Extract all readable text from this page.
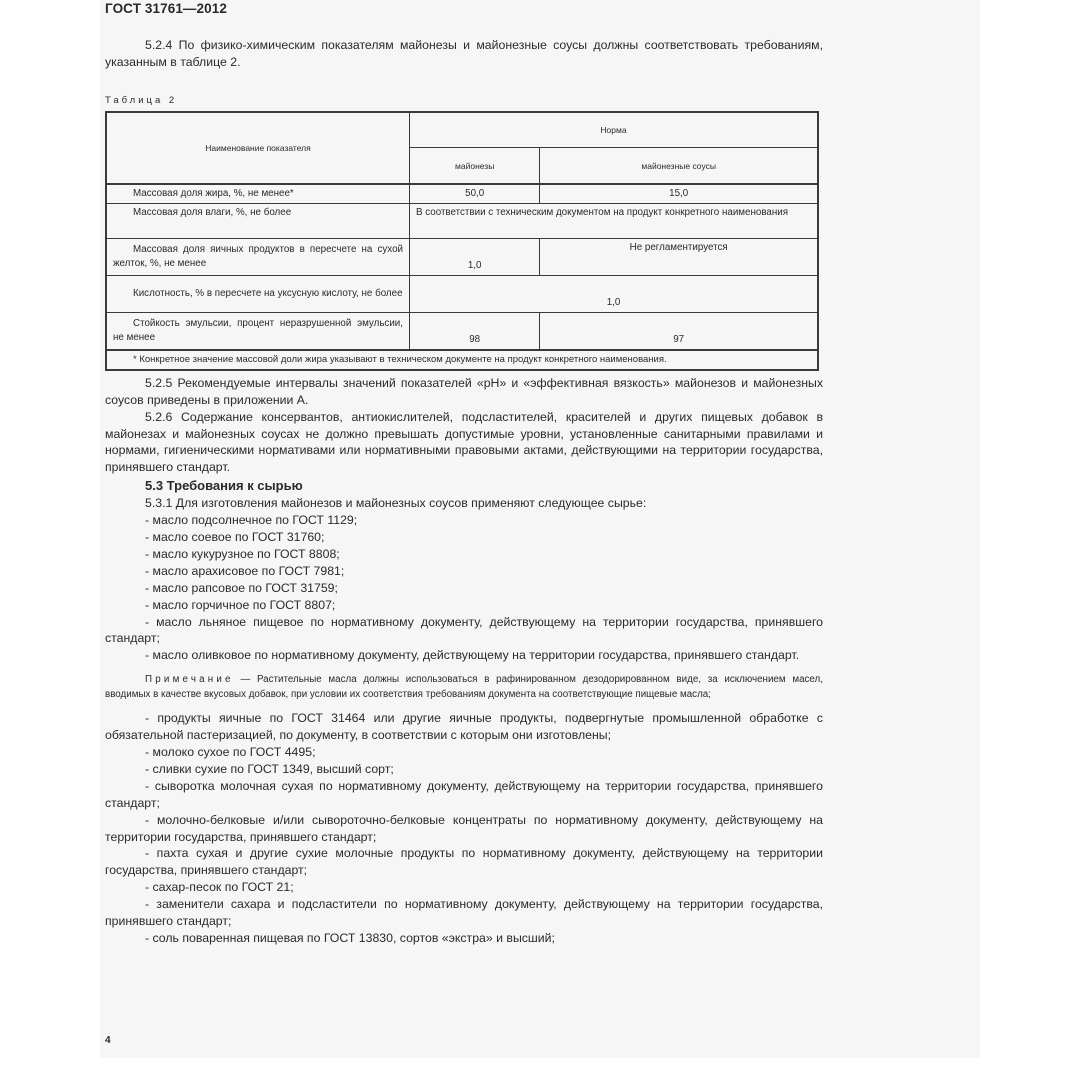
ГОСТ 31761—2012

5.2.4 По физико-химическим показателям майонезы и майонезные соусы должны соответствовать требованиям, указанным в таблице 2.

Таблица 2
Наименование показателя	Норма	
	майонезы	майонезные соусы
Массовая доля жира, %, не менее*	50,0	15,0
Массовая доля влаги, %, не более	В соответствии с техническим документом на продукт конкретного наименования	
Массовая доля яичных продуктов в пересчете на сухой желток, %, не менее	1,0	Не регламентируется
Кислотность, % в пересчете на уксусную кислоту, не более	1,0	
Стойкость эмульсии, процент неразрушенной эмульсии, не менее	98	97
* Конкретное значение массовой доли жира указывают в техническом документе на продукт конкретного наименования.		

5.2.5 Рекомендуемые интервалы значений показателей «pH» и «эффективная вязкость» майонезов и майонезных соусов приведены в приложении А.

5.2.6 Содержание консервантов, антиокислителей, подсластителей, красителей и других пищевых добавок в майонезах и майонезных соусах не должно превышать допустимые уровни, установленные санитарными правилами и нормами, гигиеническими нормативами или нормативными правовыми актами, действующими на территории государства, принявшего стандарт.

5.3 Требования к сырью

5.3.1 Для изготовления майонезов и майонезных соусов применяют следующее сырье:

- масло подсолнечное по ГОСТ 1129;

- масло соевое по ГОСТ 31760;

- масло кукурузное по ГОСТ 8808;

- масло арахисовое по ГОСТ 7981;

- масло рапсовое по ГОСТ 31759;

- масло горчичное по ГОСТ 8807;

- масло льняное пищевое по нормативному документу, действующему на территории государства, принявшего стандарт;

- масло оливковое по нормативному документу, действующему на территории государства, принявшего стандарт.

Примечание — Растительные масла должны использоваться в рафинированном дезодорированном виде, за исключением масел, вводимых в качестве вкусовых добавок, при условии их соответствия требованиям документа на соответствующие пищевые масла;

- продукты яичные по ГОСТ 31464 или другие яичные продукты, подвергнутые промышленной обработке с обязательной пастеризацией, по документу, в соответствии с которым они изготовлены;

- молоко сухое по ГОСТ 4495;

- сливки сухие по ГОСТ 1349, высший сорт;

- сыворотка молочная сухая по нормативному документу, действующему на территории государства, принявшего стандарт;

- молочно-белковые и/или сывороточно-белковые концентраты по нормативному документу, действующему на территории государства, принявшего стандарт;

- пахта сухая и другие сухие молочные продукты по нормативному документу, действующему на территории государства, принявшего стандарт;

- сахар-песок по ГОСТ 21;

- заменители сахара и подсластители по нормативному документу, действующему на территории государства, принявшего стандарт;

- соль поваренная пищевая по ГОСТ 13830, сортов «экстра» и высший;

4
